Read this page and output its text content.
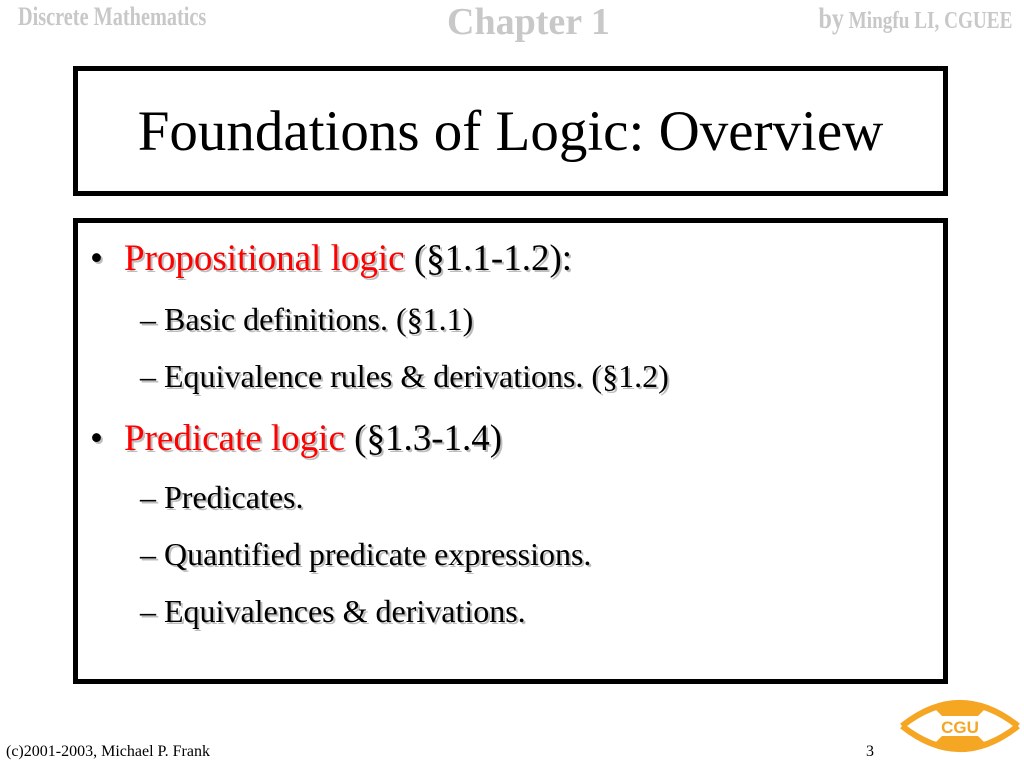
Discrete Mathematics	Chapter 1	by Mingfu LI, CGUEE
Foundations of Logic: Overview
• Propositional logic (§1.1-1.2):
– Basic definitions. (§1.1)
– Equivalence rules & derivations. (§1.2)
• Predicate logic (§1.3-1.4)
– Predicates.
– Quantified predicate expressions.
– Equivalences & derivations.
(c)2001-2003, Michael P. Frank	3
CGU
